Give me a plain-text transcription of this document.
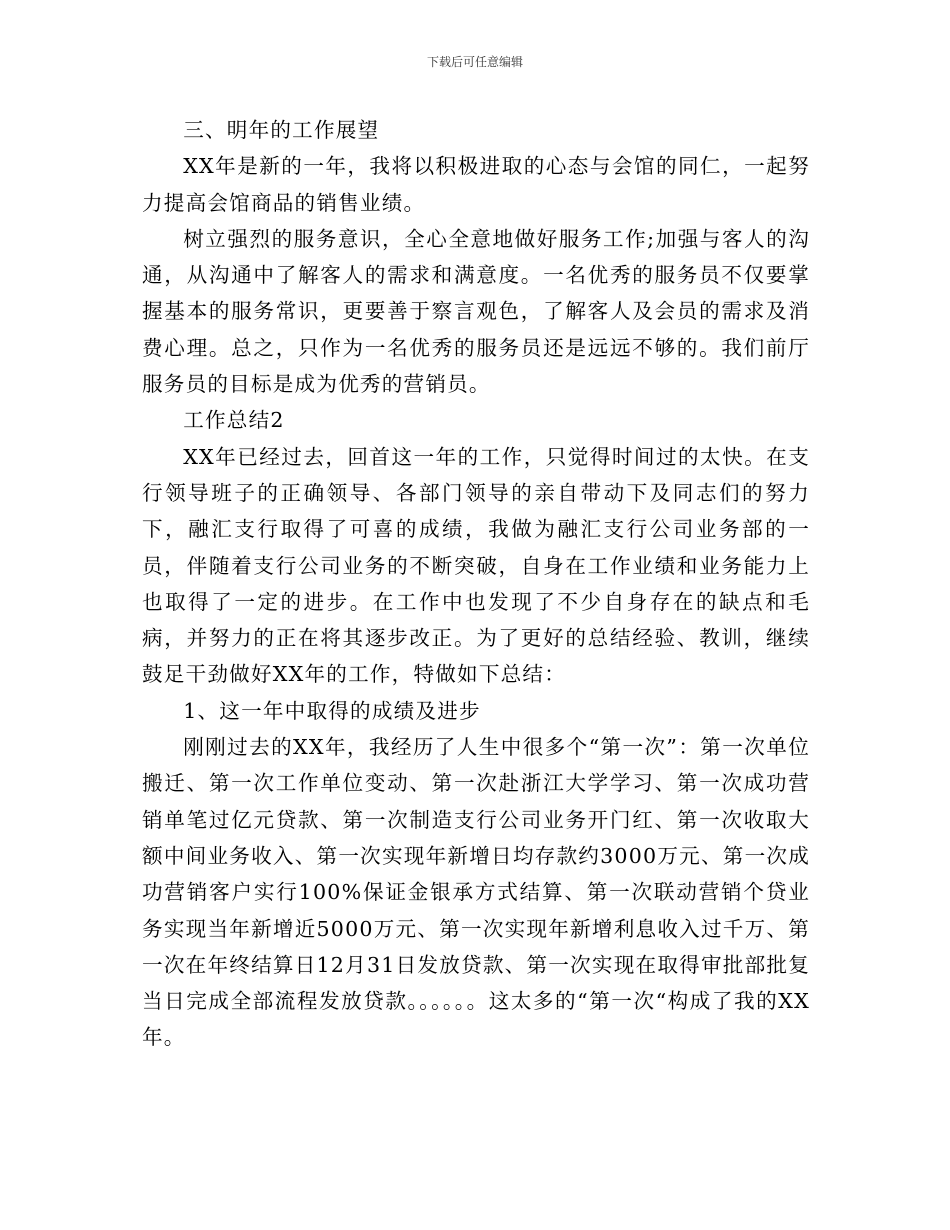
下载后可任意编辑

三、明年的工作展望

XX年是新的一年，我将以积极进取的心态与会馆的同仁，一起努力提高会馆商品的销售业绩。

树立强烈的服务意识，全心全意地做好服务工作;加强与客人的沟通，从沟通中了解客人的需求和满意度。一名优秀的服务员不仅要掌握基本的服务常识，更要善于察言观色，了解客人及会员的需求及消费心理。总之，只作为一名优秀的服务员还是远远不够的。我们前厅服务员的目标是成为优秀的营销员。

工作总结2

XX年已经过去，回首这一年的工作，只觉得时间过的太快。在支行领导班子的正确领导、各部门领导的亲自带动下及同志们的努力下，融汇支行取得了可喜的成绩，我做为融汇支行公司业务部的一员，伴随着支行公司业务的不断突破，自身在工作业绩和业务能力上也取得了一定的进步。在工作中也发现了不少自身存在的缺点和毛病，并努力的正在将其逐步改正。为了更好的总结经验、教训，继续鼓足干劲做好XX年的工作，特做如下总结：

1、这一年中取得的成绩及进步

刚刚过去的XX年，我经历了人生中很多个“第一次”：第一次单位搬迁、第一次工作单位变动、第一次赴浙江大学学习、第一次成功营销单笔过亿元贷款、第一次制造支行公司业务开门红、第一次收取大额中间业务收入、第一次实现年新增日均存款约3000万元、第一次成功营销客户实行100%保证金银承方式结算、第一次联动营销个贷业务实现当年新增近5000万元、第一次实现年新增利息收入过千万、第一次在年终结算日12月31日发放贷款、第一次实现在取得审批部批复当日完成全部流程发放贷款。。。。。。这太多的“第一次“构成了我的XX年。
